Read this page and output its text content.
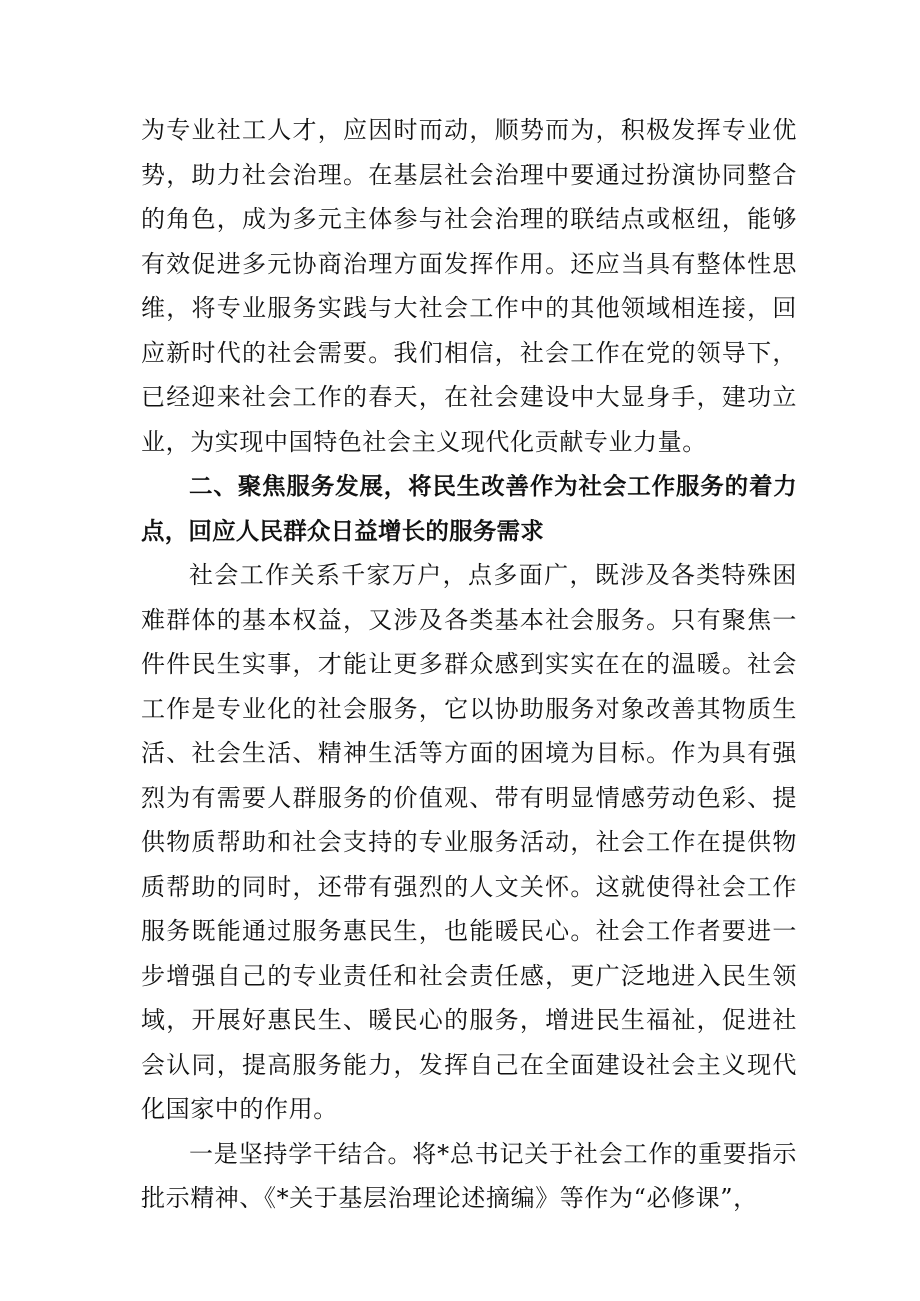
为专业社工人才，应因时而动，顺势而为，积极发挥专业优势，助力社会治理。在基层社会治理中要通过扮演协同整合的角色，成为多元主体参与社会治理的联结点或枢纽，能够有效促进多元协商治理方面发挥作用。还应当具有整体性思维，将专业服务实践与大社会工作中的其他领域相连接，回应新时代的社会需要。我们相信，社会工作在党的领导下，已经迎来社会工作的春天，在社会建设中大显身手，建功立业，为实现中国特色社会主义现代化贡献专业力量。

二、聚焦服务发展，将民生改善作为社会工作服务的着力点，回应人民群众日益增长的服务需求

社会工作关系千家万户，点多面广，既涉及各类特殊困难群体的基本权益，又涉及各类基本社会服务。只有聚焦一件件民生实事，才能让更多群众感到实实在在的温暖。社会工作是专业化的社会服务，它以协助服务对象改善其物质生活、社会生活、精神生活等方面的困境为目标。作为具有强烈为有需要人群服务的价值观、带有明显情感劳动色彩、提供物质帮助和社会支持的专业服务活动，社会工作在提供物质帮助的同时，还带有强烈的人文关怀。这就使得社会工作服务既能通过服务惠民生，也能暖民心。社会工作者要进一步增强自己的专业责任和社会责任感，更广泛地进入民生领域，开展好惠民生、暖民心的服务，增进民生福祉，促进社会认同，提高服务能力，发挥自己在全面建设社会主义现代化国家中的作用。

一是坚持学干结合。将*总书记关于社会工作的重要指示批示精神、《*关于基层治理论述摘编》等作为“必修课”，
